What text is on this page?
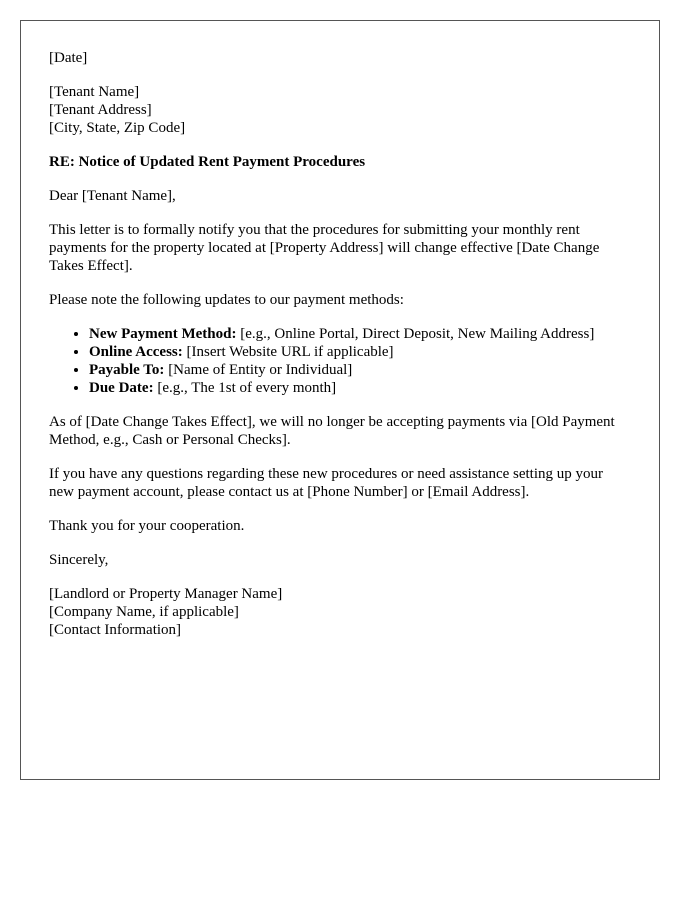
[Date]
[Tenant Name]
[Tenant Address]
[City, State, Zip Code]
RE: Notice of Updated Rent Payment Procedures
Dear [Tenant Name],
This letter is to formally notify you that the procedures for submitting your monthly rent payments for the property located at [Property Address] will change effective [Date Change Takes Effect].
Please note the following updates to our payment methods:
• New Payment Method: [e.g., Online Portal, Direct Deposit, New Mailing Address]
• Online Access: [Insert Website URL if applicable]
• Payable To: [Name of Entity or Individual]
• Due Date: [e.g., The 1st of every month]
As of [Date Change Takes Effect], we will no longer be accepting payments via [Old Payment Method, e.g., Cash or Personal Checks].
If you have any questions regarding these new procedures or need assistance setting up your new payment account, please contact us at [Phone Number] or [Email Address].
Thank you for your cooperation.
Sincerely,
[Landlord or Property Manager Name]
[Company Name, if applicable]
[Contact Information]
